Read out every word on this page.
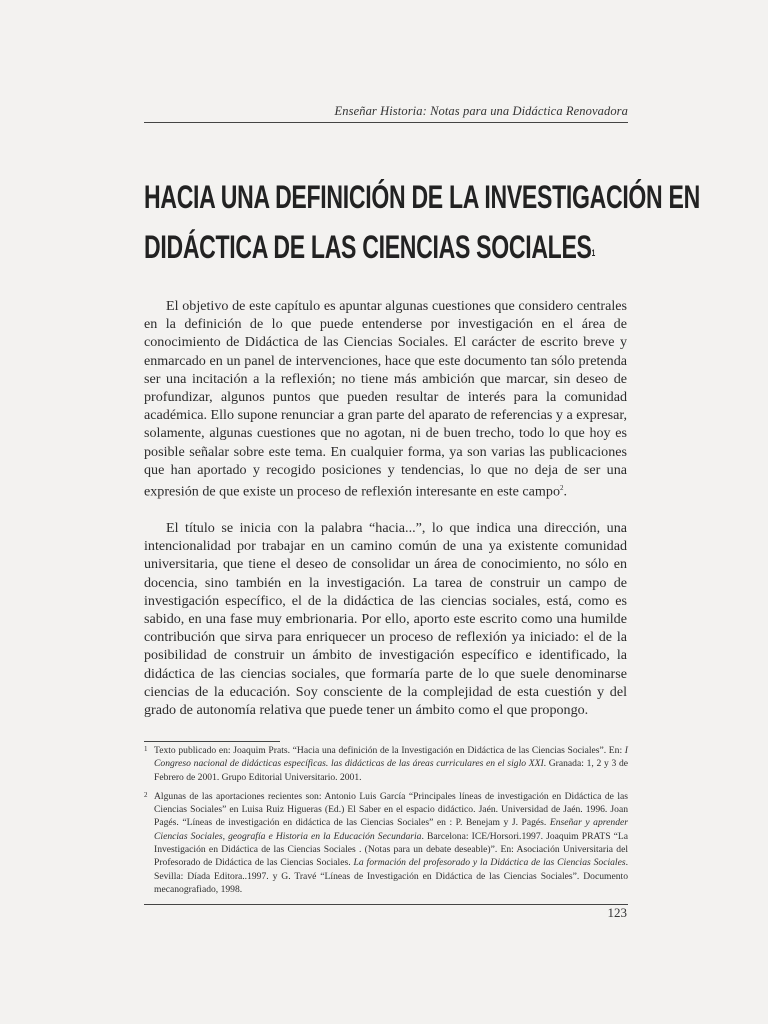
Enseñar Historia: Notas para una Didáctica Renovadora
HACIA UNA DEFINICIÓN DE LA INVESTIGACIÓN EN
DIDÁCTICA DE LAS CIENCIAS SOCIALES$^1$

El objetivo de este capítulo es apuntar algunas cuestiones que considero centrales en la definición de lo que puede entenderse por investigación en el área de conocimiento de Didáctica de las Ciencias Sociales. El carácter de escrito breve y enmarcado en un panel de intervenciones, hace que este documento tan sólo pretenda ser una incitación a la reflexión; no tiene más ambición que marcar, sin deseo de profundizar, algunos puntos que pueden resultar de interés para la comunidad académica. Ello supone renunciar a gran parte del aparato de referencias y a expresar, solamente, algunas cuestiones que no agotan, ni de buen trecho, todo lo que hoy es posible señalar sobre este tema. En cualquier forma, ya son varias las publicaciones que han aportado y recogido posiciones y tendencias, lo que no deja de ser una expresión de que existe un proceso de reflexión interesante en este campo$^2$.

El título se inicia con la palabra “hacia...”, lo que indica una dirección, una intencionalidad por trabajar en un camino común de una ya existente comunidad universitaria, que tiene el deseo de consolidar un área de conocimiento, no sólo en docencia, sino también en la investigación. La tarea de construir un campo de investigación específico, el de la didáctica de las ciencias sociales, está, como es sabido, en una fase muy embrionaria. Por ello, aporto este escrito como una humilde contribución que sirva para enriquecer un proceso de reflexión ya iniciado: el de la posibilidad de construir un ámbito de investigación específico e identificado, la didáctica de las ciencias sociales, que formaría parte de lo que suele denominarse ciencias de la educación. Soy consciente de la complejidad de esta cuestión y del grado de autonomía relativa que puede tener un ámbito como el que propongo.

1 Texto publicado en: Joaquim Prats. “Hacia una definición de la Investigación en Didáctica de las Ciencias Sociales”. En: I Congreso nacional de didácticas específicas. las didácticas de las áreas curriculares en el siglo XXI. Granada: 1, 2 y 3 de Febrero de 2001. Grupo Editorial Universitario. 2001.
2 Algunas de las aportaciones recientes son: Antonio Luis García “Principales líneas de investigación en Didáctica de las Ciencias Sociales” en Luisa Ruiz Higueras (Ed.) El Saber en el espacio didáctico. Jaén. Universidad de Jaén. 1996. Joan Pagés. “Líneas de investigación en didáctica de las Ciencias Sociales” en : P. Benejam y J. Pagés. Enseñar y aprender Ciencias Sociales, geografía e Historia en la Educación Secundaria. Barcelona: ICE/Horsori.1997. Joaquim PRATS “La Investigación en Didáctica de las Ciencias Sociales . (Notas para un debate deseable)”. En: Asociación Universitaria del Profesorado de Didáctica de las Ciencias Sociales. La formación del profesorado y la Didáctica de las Ciencias Sociales. Sevilla: Díada Editora..1997. y G. Travé “Líneas de Investigación en Didáctica de las Ciencias Sociales”. Documento mecanografiado, 1998.
123
